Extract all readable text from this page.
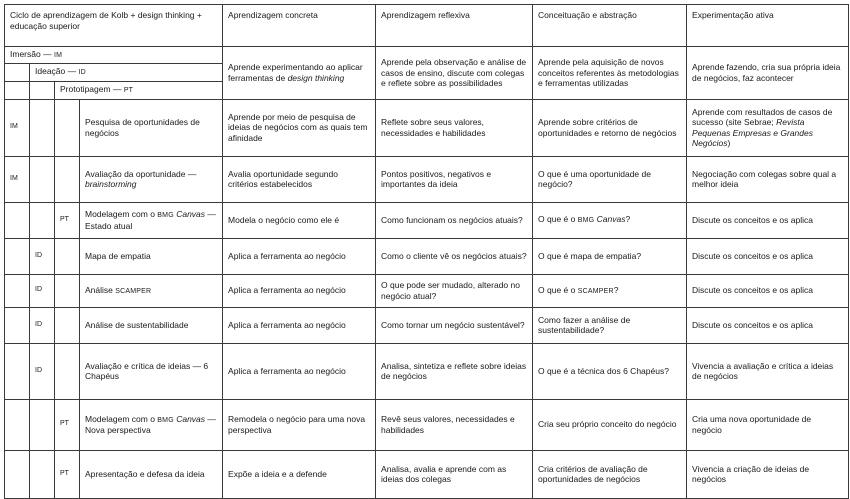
Ciclo de aprendizagem de Kolb + design thinking + educação superior				Aprendizagem concreta	Aprendizagem reflexiva	Conceituação e abstração	Experimentação ativa
Imersão — IM				Aprende experimentando ao aplicar ferramentas de design thinking	Aprende pela observação e análise de casos de ensino, discute com colegas e reflete sobre as possibilidades	Aprende pela aquisição de novos conceitos referentes às metodologias e ferramentas utilizadas	Aprende fazendo, cria sua própria ideia de negócios, faz acontecer
	Ideação — ID						
		Prototipagem — PT					
IM			Pesquisa de oportunidades de negócios	Aprende por meio de pesquisa de ideias de negócios com as quais tem afinidade	Reflete sobre seus valores, necessidades e habilidades	Aprende sobre critérios de oportunidades e retorno de negócios	Aprende com resultados de casos de sucesso (site Sebrae; Revista Pequenas Empresas e Grandes Negócios)
IM			Avaliação da oportunidade — brainstorming	Avalia oportunidade segundo critérios estabelecidos	Pontos positivos, negativos e importantes da ideia	O que é uma oportunidade de negócio?	Negociação com colegas sobre qual a melhor ideia
		PT	Modelagem com o BMG Canvas — Estado atual	Modela o negócio como ele é	Como funcionam os negócios atuais?	O que é o BMG Canvas?	Discute os conceitos e os aplica
	ID		Mapa de empatia	Aplica a ferramenta ao negócio	Como o cliente vê os negócios atuais?	O que é mapa de empatia?	Discute os conceitos e os aplica
	ID		Análise SCAMPER	Aplica a ferramenta ao negócio	O que pode ser mudado, alterado no negócio atual?	O que é o SCAMPER?	Discute os conceitos e os aplica
	ID		Análise de sustentabilidade	Aplica a ferramenta ao negócio	Como tornar um negócio sustentável?	Como fazer a análise de sustentabilidade?	Discute os conceitos e os aplica
	ID		Avaliação e crítica de ideias — 6 Chapéus	Aplica a ferramenta ao negócio	Analisa, sintetiza e reflete sobre ideias de negócios	O que é a técnica dos 6 Chapéus?	Vivencia a avaliação e crítica a ideias de negócios
		PT	Modelagem com o BMG Canvas — Nova perspectiva	Remodela o negócio para uma nova perspectiva	Revê seus valores, necessidades e habilidades	Cria seu próprio conceito do negócio	Cria uma nova oportunidade de negócio
		PT	Apresentação e defesa da ideia	Expõe a ideia e a defende	Analisa, avalia e aprende com as ideias dos colegas	Cria critérios de avaliação de oportunidades de negócios	Vivencia a criação de ideias de negócios
